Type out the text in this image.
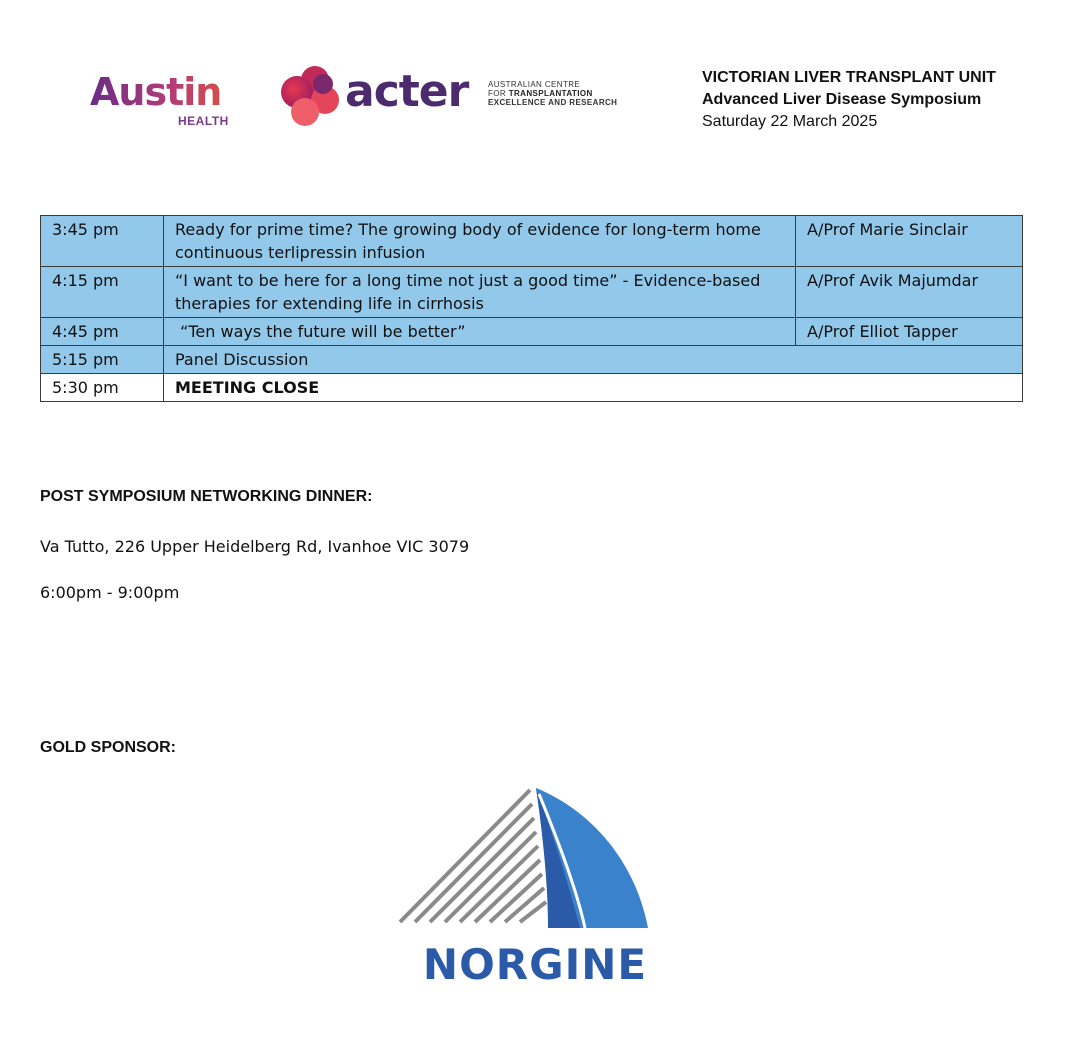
Austin
HEALTH
acter AUSTRALIAN CENTRE
FOR TRANSPLANTATION
EXCELLENCE AND RESEARCH
VICTORIAN LIVER TRANSPLANT UNIT
Advanced Liver Disease Symposium
Saturday 22 March 2025
3:45 pm	Ready for prime time? The growing body of evidence for long-term home continuous terlipressin infusion	A/Prof Marie Sinclair
4:15 pm	“I want to be here for a long time not just a good time” - Evidence-based therapies for extending life in cirrhosis	A/Prof Avik Majumdar
4:45 pm	“Ten ways the future will be better”	A/Prof Elliot Tapper
5:15 pm	Panel Discussion	
5:30 pm	MEETING CLOSE	
POST SYMPOSIUM NETWORKING DINNER:
Va Tutto, 226 Upper Heidelberg Rd, Ivanhoe VIC 3079
6:00pm - 9:00pm
GOLD SPONSOR:
NORGINE
